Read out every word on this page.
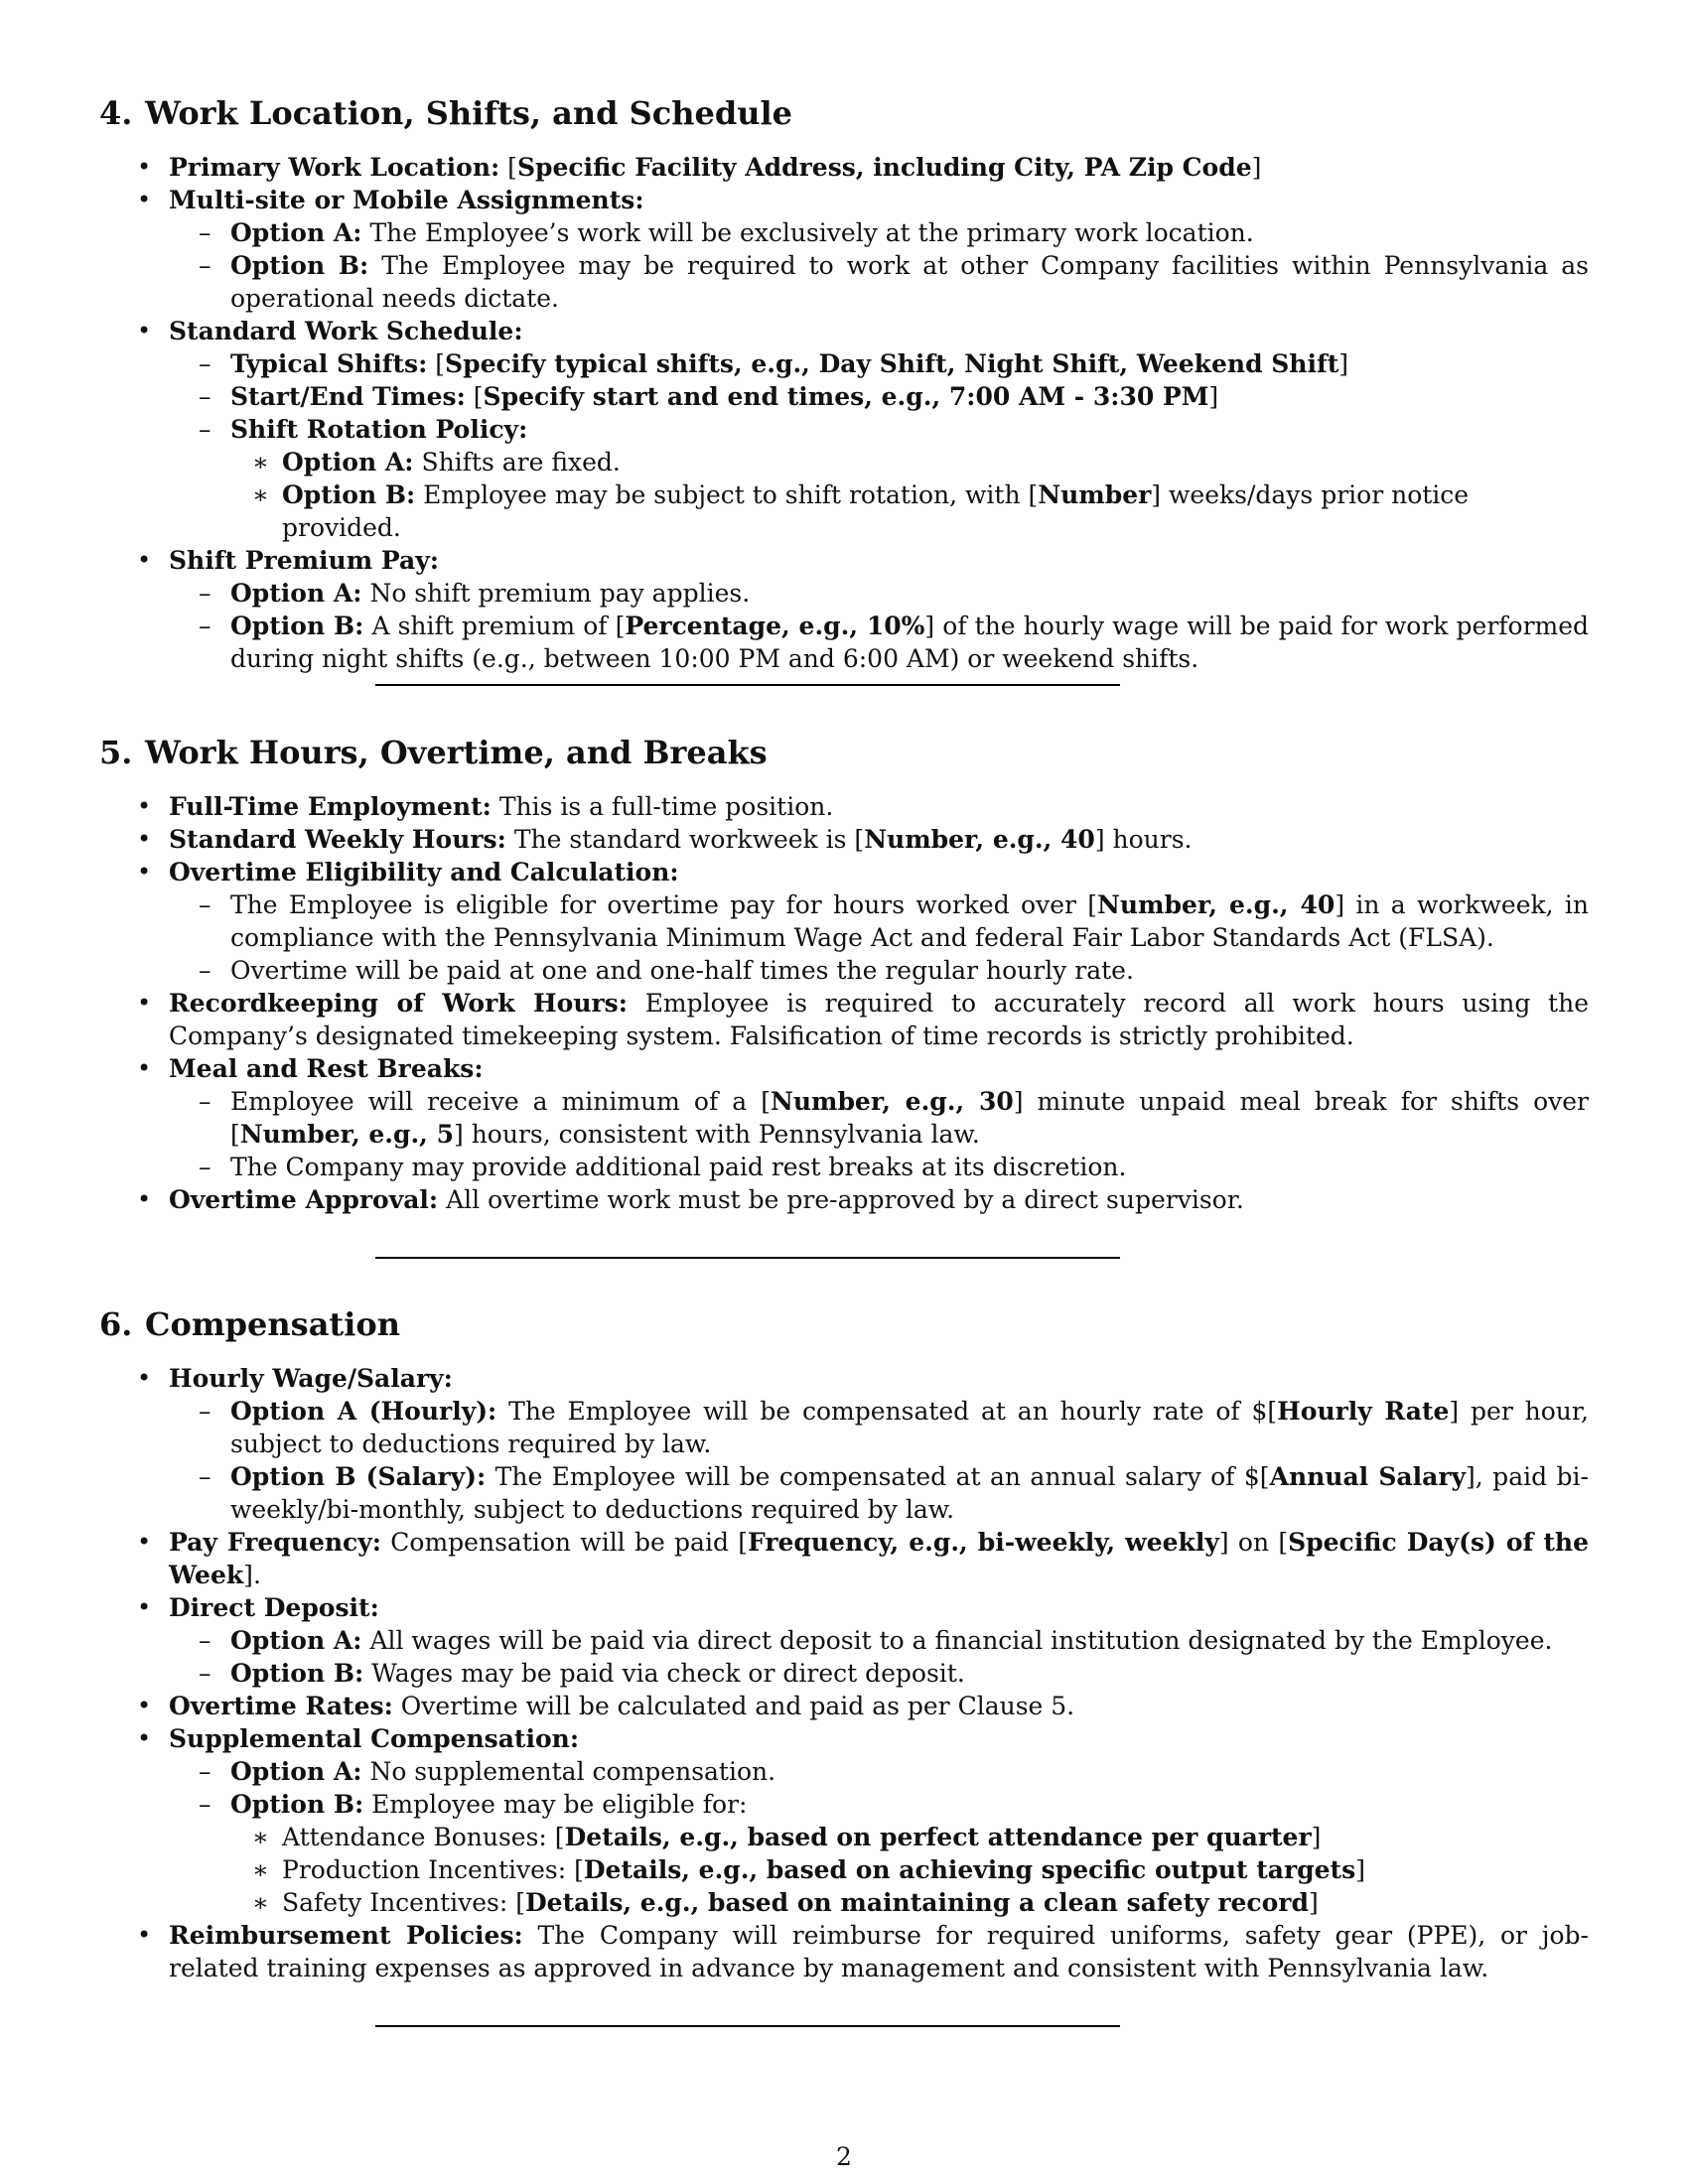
4. Work Location, Shifts, and Schedule
• Primary Work Location: [Specific Facility Address, including City, PA Zip Code]
• Multi-site or Mobile Assignments:
– Option A: The Employee’s work will be exclusively at the primary work location.
– Option B: The Employee may be required to work at other Company facilities within Pennsylvania as operational needs dictate.
• Standard Work Schedule:
– Typical Shifts: [Specify typical shifts, e.g., Day Shift, Night Shift, Weekend Shift]
– Start/End Times: [Specify start and end times, e.g., 7:00 AM - 3:30 PM]
– Shift Rotation Policy:
∗ Option A: Shifts are fixed.
∗ Option B: Employee may be subject to shift rotation, with [Number] weeks/days prior notice provided.
• Shift Premium Pay:
– Option A: No shift premium pay applies.
– Option B: A shift premium of [Percentage, e.g., 10%] of the hourly wage will be paid for work performed during night shifts (e.g., between 10:00 PM and 6:00 AM) or weekend shifts.
5. Work Hours, Overtime, and Breaks
• Full-Time Employment: This is a full-time position.
• Standard Weekly Hours: The standard workweek is [Number, e.g., 40] hours.
• Overtime Eligibility and Calculation:
– The Employee is eligible for overtime pay for hours worked over [Number, e.g., 40] in a workweek, in compliance with the Pennsylvania Minimum Wage Act and federal Fair Labor Standards Act (FLSA).
– Overtime will be paid at one and one-half times the regular hourly rate.
• Recordkeeping of Work Hours: Employee is required to accurately record all work hours using the Company’s designated timekeeping system. Falsification of time records is strictly prohibited.
• Meal and Rest Breaks:
– Employee will receive a minimum of a [Number, e.g., 30] minute unpaid meal break for shifts over [Number, e.g., 5] hours, consistent with Pennsylvania law.
– The Company may provide additional paid rest breaks at its discretion.
• Overtime Approval: All overtime work must be pre-approved by a direct supervisor.
6. Compensation
• Hourly Wage/Salary:
– Option A (Hourly): The Employee will be compensated at an hourly rate of $[Hourly Rate] per hour, subject to deductions required by law.
– Option B (Salary): The Employee will be compensated at an annual salary of $[Annual Salary], paid bi-weekly/bi-monthly, subject to deductions required by law.
• Pay Frequency: Compensation will be paid [Frequency, e.g., bi-weekly, weekly] on [Specific Day(s) of the Week].
• Direct Deposit:
– Option A: All wages will be paid via direct deposit to a financial institution designated by the Employee.
– Option B: Wages may be paid via check or direct deposit.
• Overtime Rates: Overtime will be calculated and paid as per Clause 5.
• Supplemental Compensation:
– Option A: No supplemental compensation.
– Option B: Employee may be eligible for:
∗ Attendance Bonuses: [Details, e.g., based on perfect attendance per quarter]
∗ Production Incentives: [Details, e.g., based on achieving specific output targets]
∗ Safety Incentives: [Details, e.g., based on maintaining a clean safety record]
• Reimbursement Policies: The Company will reimburse for required uniforms, safety gear (PPE), or job-related training expenses as approved in advance by management and consistent with Pennsylvania law.
2
